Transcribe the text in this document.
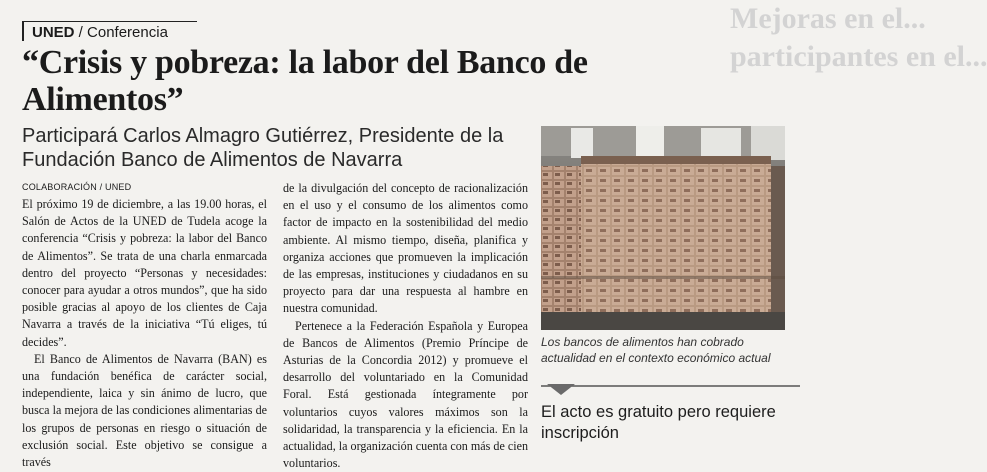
Mejoras en el...
participantes en el...
UNED / Conferencia
“Crisis y pobreza: la labor del Banco de Alimentos”
Participará Carlos Almagro Gutiérrez, Presidente de la Fundación Banco de Alimentos de Navarra
COLABORACIÓN / UNED

El próximo 19 de diciembre, a las 19.00 horas, el Salón de Actos de la UNED de Tudela acoge la conferencia “Crisis y pobreza: la labor del Banco de Alimentos”. Se trata de una charla enmarcada dentro del proyecto “Personas y necesidades: conocer para ayudar a otros mundos”, que ha sido posible gracias al apoyo de los clientes de Caja Navarra a través de la iniciativa “Tú eliges, tú decides”.

El Banco de Alimentos de Navarra (BAN) es una fundación benéfica de carácter social, independiente, laica y sin ánimo de lucro, que busca la mejora de las condiciones alimentarias de los grupos de personas en riesgo o situación de exclusión social. Este objetivo se consigue a través

de la divulgación del concepto de racionalización en el uso y el consumo de los alimentos como factor de impacto en la sostenibilidad del medio ambiente. Al mismo tiempo, diseña, planifica y organiza acciones que promueven la implicación de las empresas, instituciones y ciudadanos en su proyecto para dar una respuesta al hambre en nuestra comunidad.

Pertenece a la Federación Española y Europea de Bancos de Alimentos (Premio Príncipe de Asturias de la Concordia 2012) y promueve el desarrollo del voluntariado en la Comunidad Foral. Está gestionada íntegramente por voluntarios cuyos valores máximos son la solidaridad, la transparencia y la eficiencia. En la actualidad, la organización cuenta con más de cien voluntarios.

Los bancos de alimentos han cobrado actualidad en el contexto económico actual
El acto es gratuito pero requiere inscripción
